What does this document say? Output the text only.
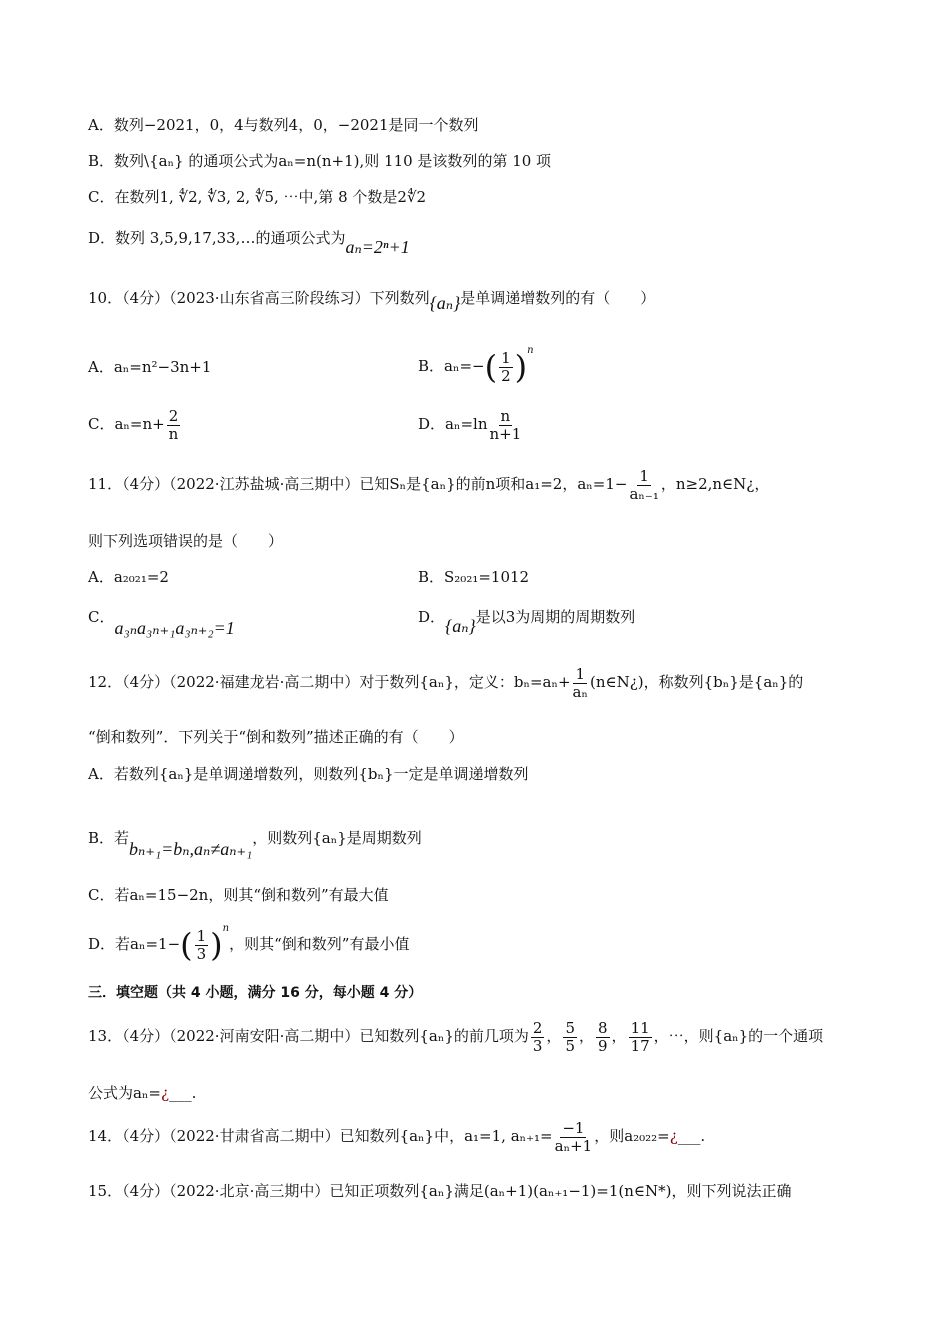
A．数列−2021，0，4与数列4，0，−2021是同一个数列
B．数列\{aₙ} 的通项公式为aₙ=n(n+1),则 110 是该数列的第 10 项
C．在数列1, ∜2, ∜3, 2, ∜5, ⋯中,第 8 个数是2∜2
D．数列 3,5,9,17,33,…的通项公式为aₙ=2ⁿ+1
10．（4分）（2023·山东省高三阶段练习）下列数列{aₙ}是单调递增数列的有（　　）
A．aₙ=n²−3n+1	B．$a_n=-( \frac{1}{2} )^n$
C．$a_n=n+ \frac{2}{n}$	D．$a_n=\ln \frac{n}{n+1}$
11．（4分）（2022·江苏盐城·高三期中）已知Sₙ是{aₙ}的前n项和a₁=2，$a_n=1- \frac{1}{\text{aₙ₋₁}}$ ，n≥2,n∈N¿，
则下列选项错误的是（　　）
A．a₂₀₂₁=2	B．S₂₀₂₁=1012
C．a₃ₙa₃ₙ₊₁a₃ₙ₊₂=1
D．{aₙ}是以3为周期的周期数列
12．（4分）（2022·福建龙岩·高二期中）对于数列{aₙ}，定义：$b_n=a_n+ \frac{1}{\text{aₙ}}$ (n∈N¿)，称数列{bₙ}是{aₙ}的
“倒和数列”．下列关于“倒和数列”描述正确的有（　　）
A．若数列{aₙ}是单调递增数列，则数列{bₙ}一定是单调递增数列
B．若bₙ₊₁=bₙ,aₙ≠aₙ₊₁，则数列{aₙ}是周期数列
C．若aₙ=15−2n，则其“倒和数列”有最大值
D．若$a_n=1-( \frac{1}{3} )^n$，则其“倒和数列”有最小值
三．填空题（共 4 小题，满分 16 分，每小题 4 分）
13．（4分）（2022·河南安阳·高二期中）已知数列{aₙ}的前几项为 $\frac{2}{3}$ ， $\frac{5}{5}$ ， $\frac{8}{9}$ ， $\frac{11}{17}$ ，⋯，则{aₙ}的一个通项
公式为aₙ=¿___.
14．（4分）（2022·甘肃省高二期中）已知数列{aₙ}中，a₁=1, $a_{n+1}= \frac{-1}{\text{aₙ+1}}$ ，则a₂₀₂₂=¿___.
15．（4分）（2022·北京·高三期中）已知正项数列{aₙ}满足(aₙ+1)(aₙ₊₁−1)=1(n∈N*)，则下列说法正确
